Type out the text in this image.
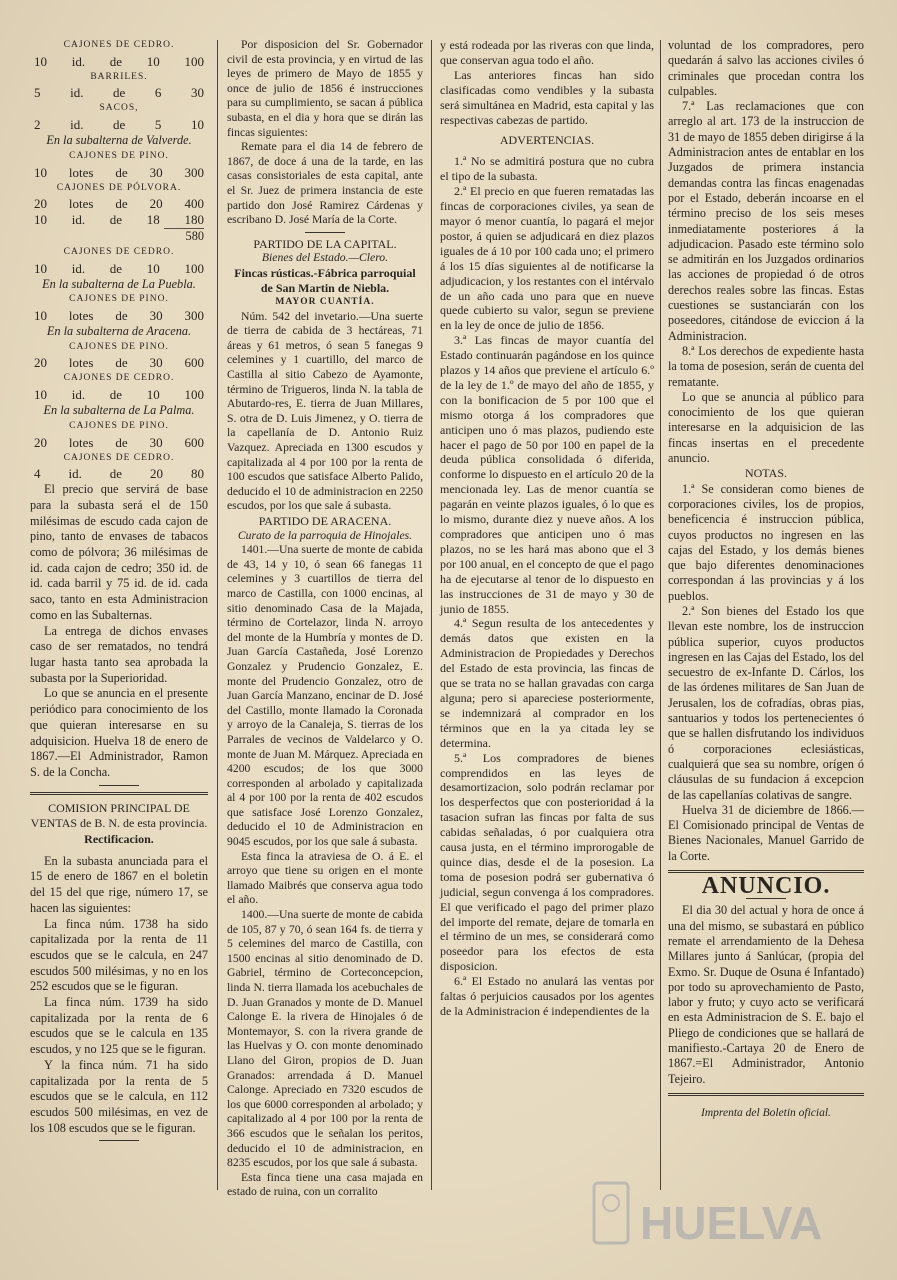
CAJONES DE CEDRO.
10 id. de 10 100
BARRILES.
5 id. de 6 30
SACOS,
2 id. de 5 10
En la subalterna de Valverde.
CAJONES DE PINO.
10 lotes de 30 300
CAJONES DE PÓLVORA.
20 lotes de 20 400
10 id. de 18 180
580
CAJONES DE CEDRO.
10 id. de 10 100
En la subalterna de La Puebla.
CAJONES DE PINO.
10 lotes de 30 300
En la subalterna de Aracena.
CAJONES DE PINO.
20 lotes de 30 600
CAJONES DE CEDRO.
10 id. de 10 100
En la subalterna de La Palma.
CAJONES DE PINO.
20 lotes de 30 600
CAJONES DE CEDRO.
4 id. de 20 80

El precio que servirá de base para la subasta será el de 150 milésimas de escudo cada cajon de pino, tanto de envases de tabacos como de pólvora; 36 milésimas de id. cada cajon de cedro; 350 id. de id. cada barril y 75 id. de id. cada saco, tanto en esta Administracion como en las Subalternas.

La entrega de dichos envases caso de ser rematados, no tendrá lugar hasta tanto sea aprobada la subasta por la Superioridad.

Lo que se anuncia en el presente periódico para conocimiento de los que quieran interesarse en su adquisicion. Huelva 18 de enero de 1867.—El Administrador, Ramon S. de la Concha.

COMISION PRINCIPAL DE VENTAS de B. N. de esta provincia.
Rectificacion.

En la subasta anunciada para el 15 de enero de 1867 en el boletin del 15 del que rige, número 17, se hacen las siguientes:

La finca núm. 1738 ha sido capitalizada por la renta de 11 escudos que se le calcula, en 247 escudos 500 milésimas, y no en los 252 escudos que se le figuran.

La finca núm. 1739 ha sido capitalizada por la renta de 6 escudos que se le calcula en 135 escudos, y no 125 que se le figuran.

Y la finca núm. 71 ha sido capitalizada por la renta de 5 escudos que se le calcula, en 112 escudos 500 milésimas, en vez de los 108 escudos que se le figuran.

Por disposicion del Sr. Gobernador civil de esta provincia, y en virtud de las leyes de primero de Mayo de 1855 y once de julio de 1856 é instrucciones para su cumplimiento, se sacan á pública subasta, en el dia y hora que se dirán las fincas siguientes:

Remate para el dia 14 de febrero de 1867, de doce á una de la tarde, en las casas consistoriales de esta capital, ante el Sr. Juez de primera instancia de este partido don José Ramirez Cárdenas y escribano D. José María de la Corte.

PARTIDO DE LA CAPITAL.
Bienes del Estado.—Clero.
Fincas rústicas.-Fábrica parroquial de San Martin de Niebla.
MAYOR CUANTÍA.

Núm. 542 del invetario.—Una suerte de tierra de cabida de 3 hectáreas, 71 áreas y 61 metros, ó sean 5 fanegas 9 celemines y 1 cuartillo, del marco de Castilla al sitio Cabezo de Ayamonte, término de Trigueros, linda N. la tabla de Abutardo-res, E. tierra de Juan Millares, S. otra de D. Luis Jimenez, y O. tierra de la capellanía de D. Antonio Ruiz Vazquez. Apreciada en 1300 escudos y capitalizada al 4 por 100 por la renta de 100 escudos que satisface Alberto Palido, deducido el 10 de administracion en 2250 escudos, por los que sale á subasta.

PARTIDO DE ARACENA.
Curato de la parroquia de Hinojales.

1401.—Una suerte de monte de cabida de 43, 14 y 10, ó sean 66 fanegas 11 celemines y 3 cuartillos de tierra del marco de Castilla, con 1000 encinas, al sitio denominado Casa de la Majada, término de Cortelazor, linda N. arroyo del monte de la Humbría y montes de D. Juan García Castañeda, José Lorenzo Gonzalez y Prudencio Gonzalez, E. monte del Prudencio Gonzalez, otro de Juan García Manzano, encinar de D. José del Castillo, monte llamado la Coronada y arroyo de la Canaleja, S. tierras de los Parrales de vecinos de Valdelarco y O. monte de Juan M. Márquez. Apreciada en 4200 escudos; de los que 3000 corresponden al arbolado y capitalizada al 4 por 100 por la renta de 402 escudos que satisface José Lorenzo Gonzalez, deducido el 10 de Administracion en 9045 escudos, por los que sale á subasta.

Esta finca la atraviesa de O. á E. el arroyo que tiene su origen en el monte llamado Maibrés que conserva agua todo el año.

1400.—Una suerte de monte de cabida de 105, 87 y 70, ó sean 164 fs. de tierra y 5 celemines del marco de Castilla, con 1500 encinas al sitio denominado de D. Gabriel, término de Corteconcepcion, linda N. tierra llamada los acebuchales de D. Juan Granados y monte de D. Manuel Calonge E. la rivera de Hinojales ó de Montemayor, S. con la rivera grande de las Huelvas y O. con monte denominado Llano del Giron, propios de D. Juan Granados: arrendada á D. Manuel Calonge. Apreciado en 7320 escudos de los que 6000 corresponden al arbolado; y capitalizado al 4 por 100 por la renta de 366 escudos que le señalan los peritos, deducido el 10 de administracion, en 8235 escudos, por los que sale á subasta.

Esta finca tiene una casa majada en estado de ruina, con un corralito

y está rodeada por las riveras con que linda, que conservan agua todo el año.

Las anteriores fincas han sido clasificadas como vendibles y la subasta será simultánea en Madrid, esta capital y las respectivas cabezas de partido.

ADVERTENCIAS.

1.ª No se admitirá postura que no cubra el tipo de la subasta.

2.ª El precio en que fueren rematadas las fincas de corporaciones civiles, ya sean de mayor ó menor cuantía, lo pagará el mejor postor, á quien se adjudicará en diez plazos iguales de á 10 por 100 cada uno; el primero á los 15 días siguientes al de notificarse la adjudicacion, y los restantes con el intérvalo de un año cada uno para que en nueve quede cubierto su valor, segun se previene en la ley de once de julio de 1856.

3.ª Las fincas de mayor cuantía del Estado continuarán pagándose en los quince plazos y 14 años que previene el artículo 6.º de la ley de 1.º de mayo del año de 1855, y con la bonificacion de 5 por 100 que el mismo otorga á los compradores que anticipen uno ó mas plazos, pudiendo este hacer el pago de 50 por 100 en papel de la deuda pública consolidada ó diferida, conforme lo dispuesto en el artículo 20 de la mencionada ley. Las de menor cuantía se pagarán en veinte plazos iguales, ó lo que es lo mismo, durante diez y nueve años. A los compradores que anticipen uno ó mas plazos, no se les hará mas abono que el 3 por 100 anual, en el concepto de que el pago ha de ejecutarse al tenor de lo dispuesto en las instrucciones de 31 de mayo y 30 de junio de 1855.

4.ª Segun resulta de los antecedentes y demás datos que existen en la Administracion de Propiedades y Derechos del Estado de esta provincia, las fincas de que se trata no se hallan gravadas con carga alguna; pero si apareciese posteriormente, se indemnizará al comprador en los términos que en la ya citada ley se determina.

5.ª Los compradores de bienes comprendidos en las leyes de desamortizacion, solo podrán reclamar por los desperfectos que con posterioridad á la tasacion sufran las fincas por falta de sus cabidas señaladas, ó por cualquiera otra causa justa, en el término improrogable de quince dias, desde el de la posesion. La toma de posesion podrá ser gubernativa ó judicial, segun convenga á los compradores. El que verificado el pago del primer plazo del importe del remate, dejare de tomarla en el término de un mes, se considerará como poseedor para los efectos de esta disposicion.

6.ª El Estado no anulará las ventas por faltas ó perjuicios causados por los agentes de la Administracion é independientes de la

voluntad de los compradores, pero quedarán á salvo las acciones civiles ó criminales que procedan contra los culpables.

7.ª Las reclamaciones que con arreglo al art. 173 de la instruccion de 31 de mayo de 1855 deben dirigirse á la Administracion antes de entablar en los Juzgados de primera instancia demandas contra las fincas enagenadas por el Estado, deberán incoarse en el término preciso de los seis meses inmediatamente posteriores á la adjudicacion. Pasado este término solo se admitirán en los Juzgados ordinarios las acciones de propiedad ó de otros derechos reales sobre las fincas. Estas cuestiones se sustanciarán con los poseedores, citándose de eviccion á la Administracion.

8.ª Los derechos de expediente hasta la toma de posesion, serán de cuenta del rematante.

Lo que se anuncia al público para conocimiento de los que quieran interesarse en la adquisicion de las fincas insertas en el precedente anuncio.

NOTAS.

1.ª Se consideran como bienes de corporaciones civiles, los de propios, beneficencia é instruccion pública, cuyos productos no ingresen en las cajas del Estado, y los demás bienes que bajo diferentes denominaciones correspondan á las provincias y á los pueblos.

2.ª Son bienes del Estado los que llevan este nombre, los de instruccion pública superior, cuyos productos ingresen en las Cajas del Estado, los del secuestro de ex-Infante D. Cárlos, los de las órdenes militares de San Juan de Jerusalen, los de cofradías, obras pias, santuarios y todos los pertenecientes ó que se hallen disfrutando los individuos ó corporaciones eclesiásticas, cualquierá que sea su nombre, orígen ó cláusulas de su fundacion á excepcion de las capellanías colativas de sangre.

Huelva 31 de diciembre de 1866.—El Comisionado principal de Ventas de Bienes Nacionales, Manuel Garrido de la Corte.

ANUNCIO.

El dia 30 del actual y hora de once á una del mismo, se subastará en público remate el arrendamiento de la Dehesa Millares junto á Sanlúcar, (propia del Exmo. Sr. Duque de Osuna é Infantado) por todo su aprovechamiento de Pasto, labor y fruto; y cuyo acto se verificará en esta Administracion de S. E. bajo el Pliego de condiciones que se hallará de manifiesto.-Cartaya 20 de Enero de 1867.=El Administrador, Antonio Tejeiro.

Imprenta del Boletin oficial.
HUELVA
